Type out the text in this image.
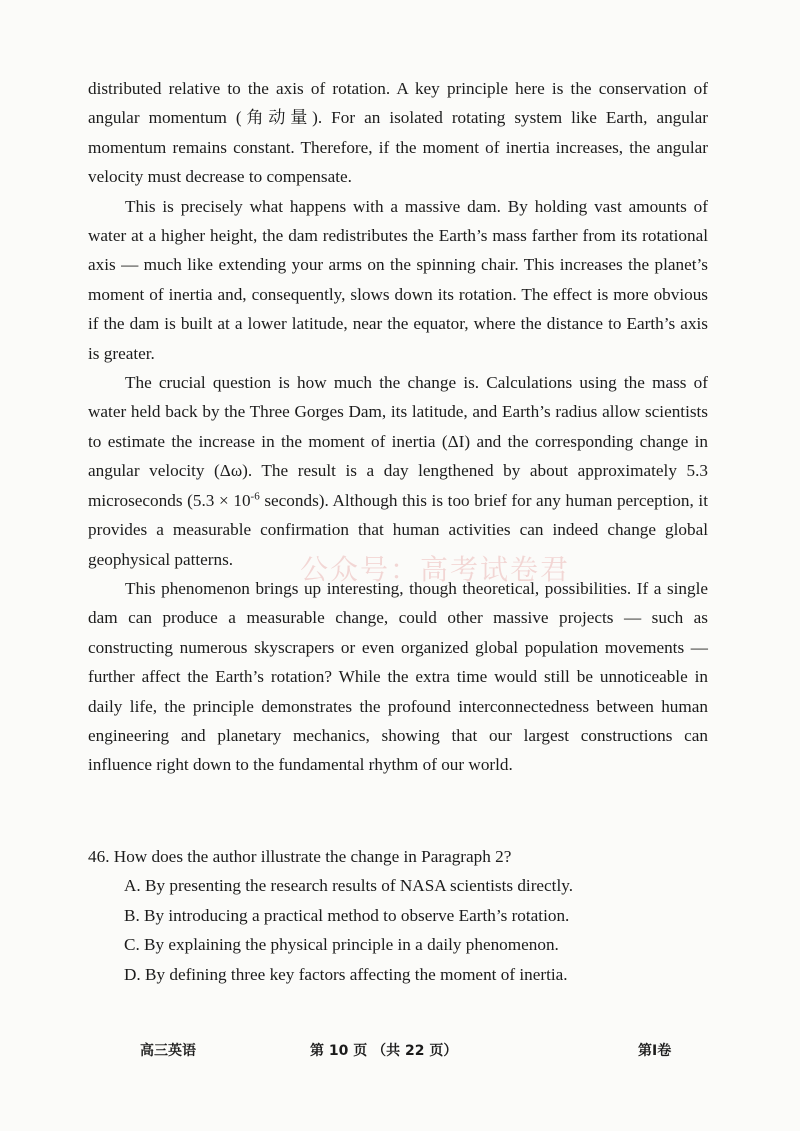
distributed relative to the axis of rotation. A key principle here is the conservation of angular momentum (角动量). For an isolated rotating system like Earth, angular momentum remains constant. Therefore, if the moment of inertia increases, the angular velocity must decrease to compensate.

This is precisely what happens with a massive dam. By holding vast amounts of water at a higher height, the dam redistributes the Earth’s mass farther from its rotational axis — much like extending your arms on the spinning chair. This increases the planet’s moment of inertia and, consequently, slows down its rotation. The effect is more obvious if the dam is built at a lower latitude, near the equator, where the distance to Earth’s axis is greater.

The crucial question is how much the change is. Calculations using the mass of water held back by the Three Gorges Dam, its latitude, and Earth’s radius allow scientists to estimate the increase in the moment of inertia (ΔI) and the corresponding change in angular velocity (Δω). The result is a day lengthened by about approximately 5.3 microseconds ($5.3 \times 10^{-6}$ seconds). Although this is too brief for any human perception, it provides a measurable confirmation that human activities can indeed change global geophysical patterns.

This phenomenon brings up interesting, though theoretical, possibilities. If a single dam can produce a measurable change, could other massive projects — such as constructing numerous skyscrapers or even organized global population movements — further affect the Earth’s rotation? While the extra time would still be unnoticeable in daily life, the principle demonstrates the profound interconnectedness between human engineering and planetary mechanics, showing that our largest constructions can influence right down to the fundamental rhythm of our world.

公众号：高考试卷君

46. How does the author illustrate the change in Paragraph 2?

A. By presenting the research results of NASA scientists directly.
B. By introducing a practical method to observe Earth’s rotation.
C. By explaining the physical principle in a daily phenomenon.
D. By defining three key factors affecting the moment of inertia.
高三英语	第 10 页 （共 22 页）	第Ⅰ卷
